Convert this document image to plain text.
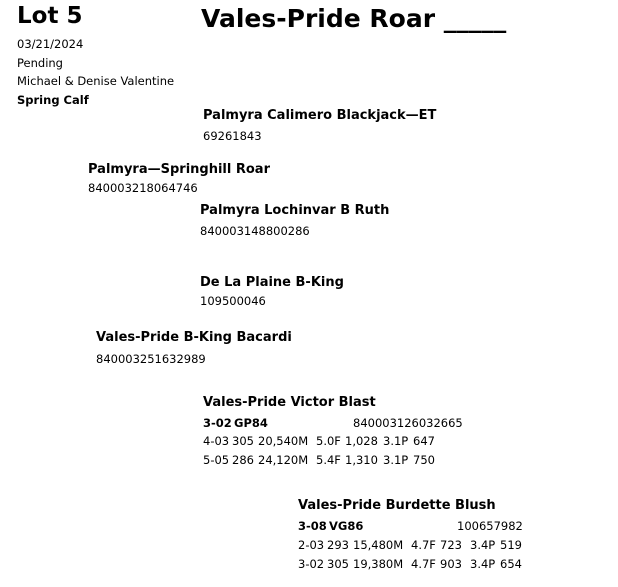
Lot 5	Vales-Pride Roar _____
03/21/2024
Pending
Michael & Denise Valentine
Spring Calf
Palmyra Calimero Blackjack—ET
69261843
Palmyra—Springhill Roar
840003218064746
Palmyra Lochinvar B Ruth
840003148800286
De La Plaine B-King
109500046
Vales-Pride B-King Bacardi
840003251632989
Vales-Pride Victor Blast
3-02 GP84	840003126032665
4-03 305 20,540M 5.0F 1,028 3.1P 647
5-05 286 24,120M 5.4F 1,310 3.1P 750
Vales-Pride Burdette Blush
3-08 VG86	100657982
2-03 293 15,480M 4.7F 723 3.4P 519
3-02 305 19,380M 4.7F 903 3.4P 654
